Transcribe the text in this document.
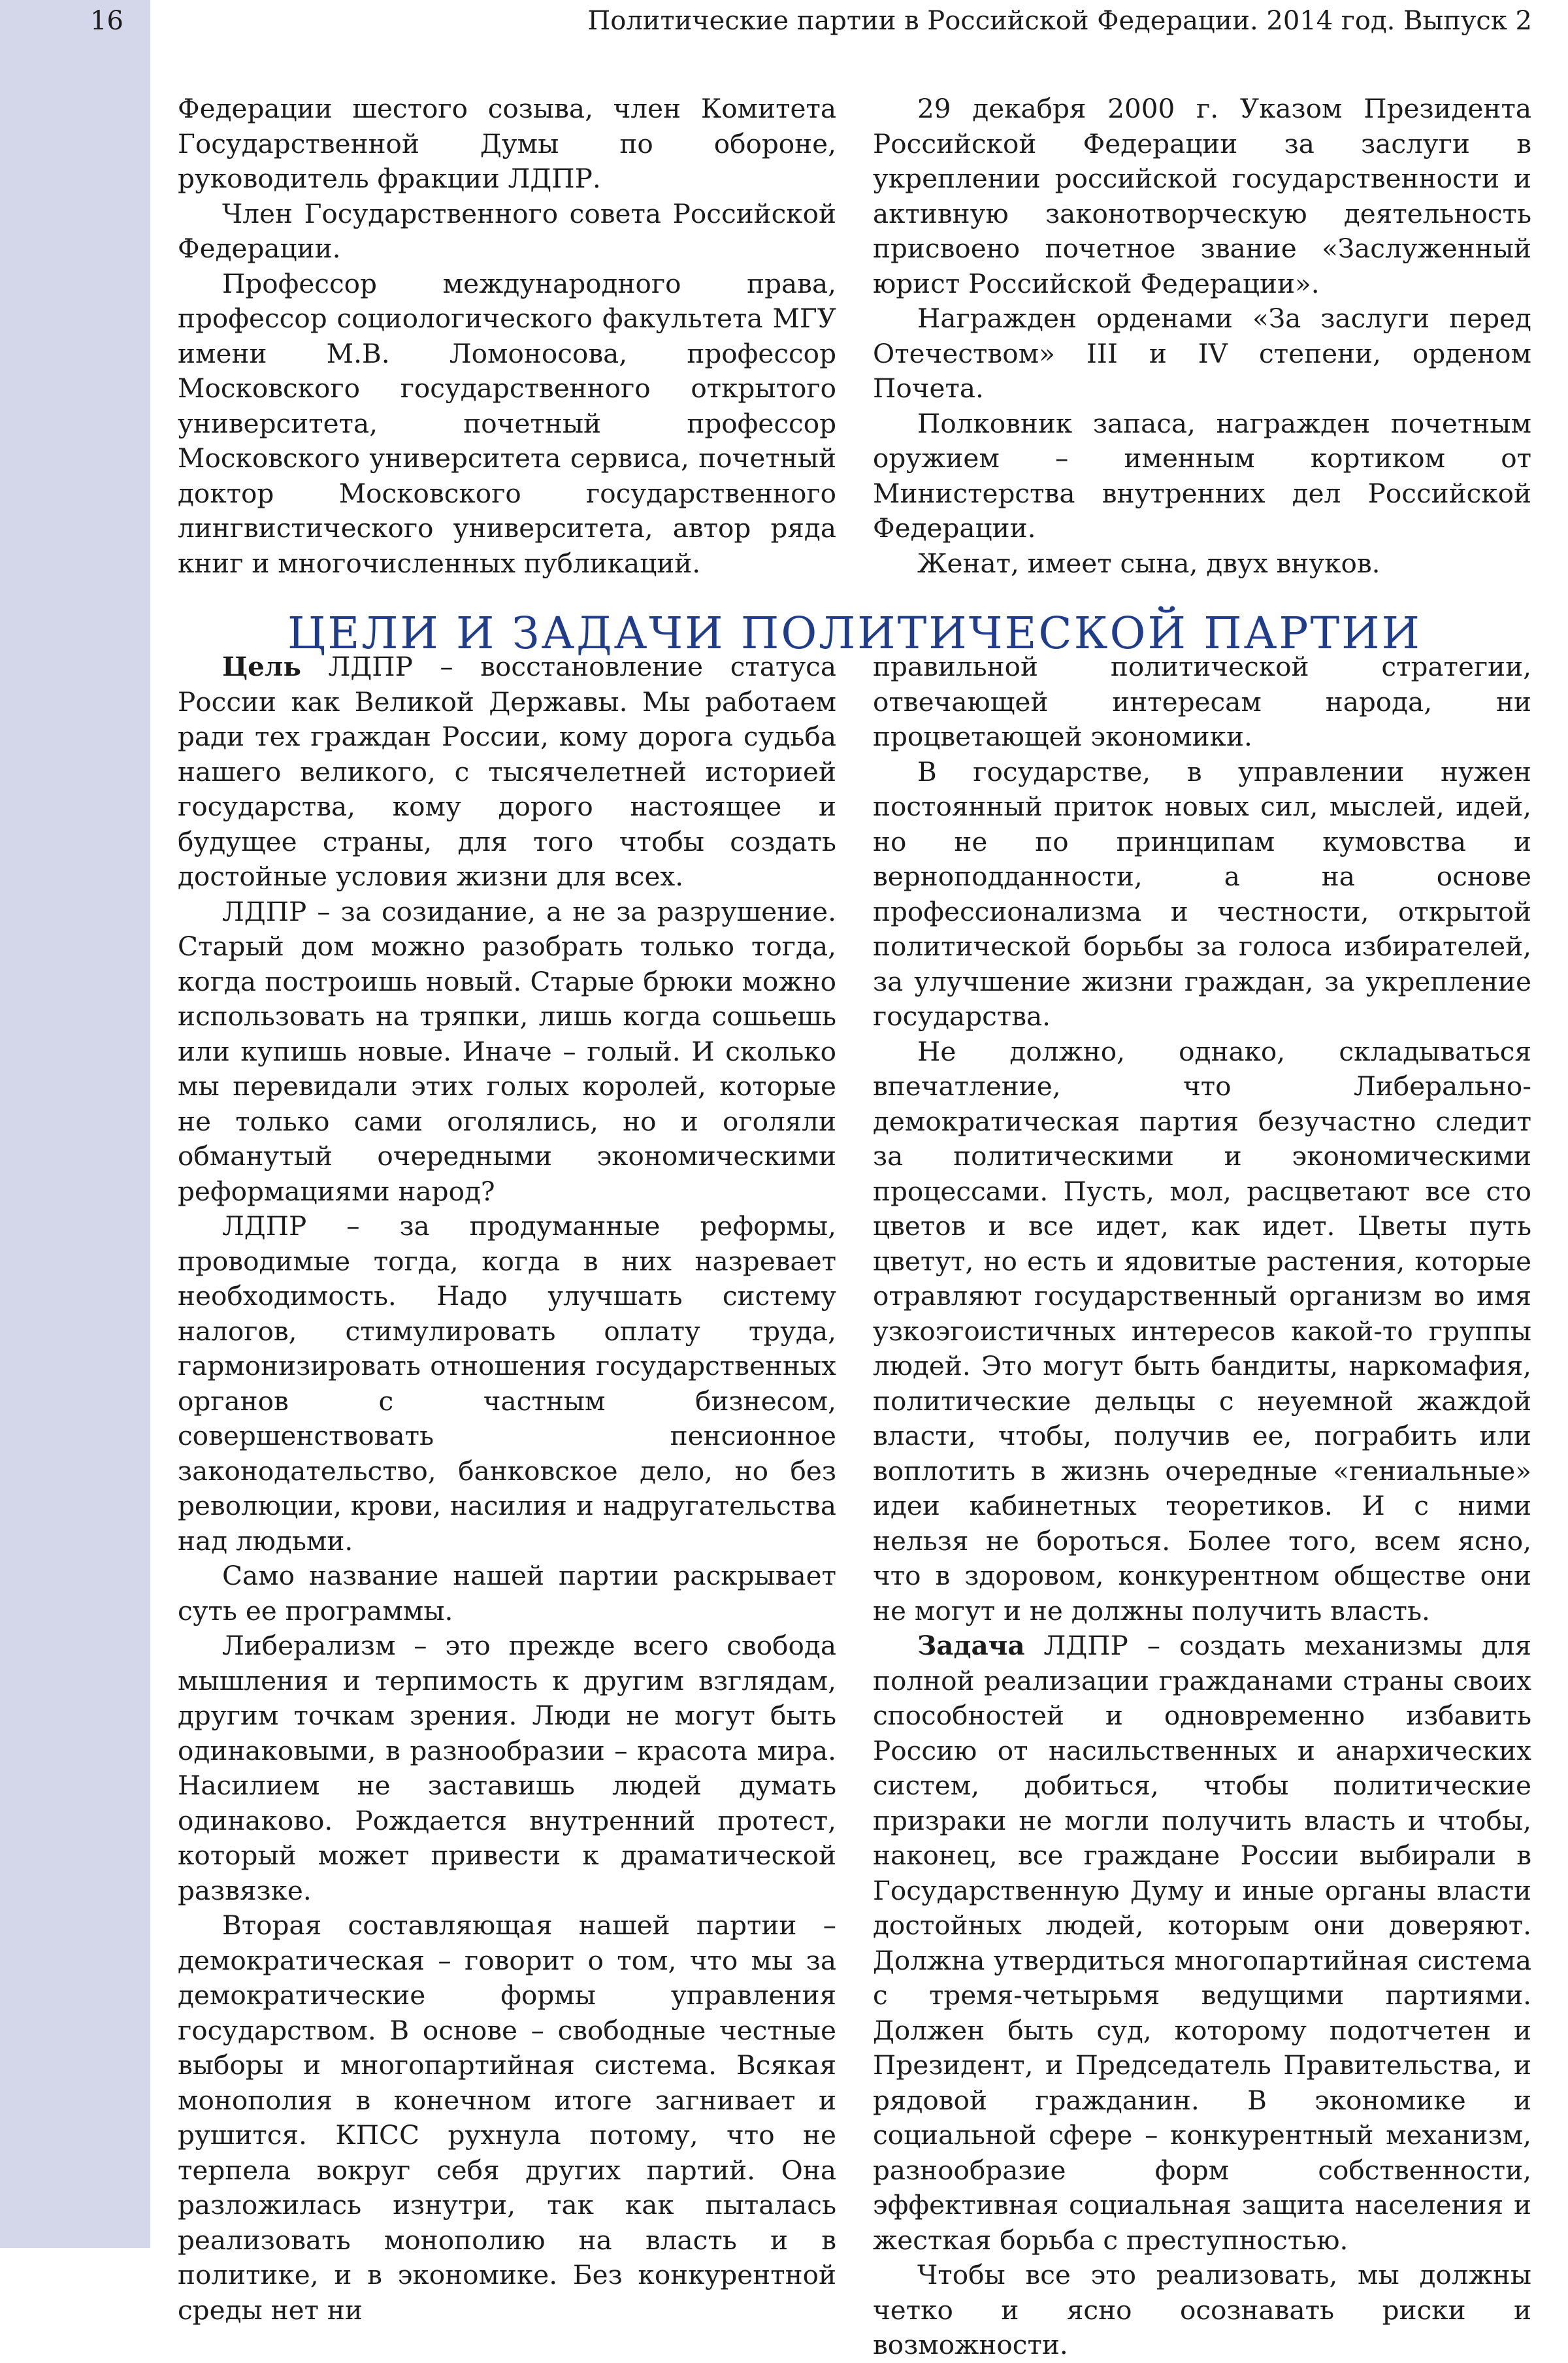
16	Политические партии в Российской Федерации. 2014 год. Выпуск 2

Федерации шестого созыва, член Комитета Государственной Думы по обороне, руководитель фракции ЛДПР.

Член Государственного совета Российской Федерации.

Профессор международного права, профессор социологического факультета МГУ имени М.В. Ломоносова, профессор Московского государственного открытого университета, почетный профессор Московского университета сервиса, почетный доктор Московского государственного лингвистического университета, автор ряда книг и многочисленных публикаций.

29 декабря 2000 г. Указом Президента Российской Федерации за заслуги в укреплении российской государственности и активную законотворческую деятельность присвоено почетное звание «Заслуженный юрист Российской Федерации».

Награжден орденами «За заслуги перед Отечеством» III и IV степени, орденом Почета.

Полковник запаса, награжден почетным оружием – именным кортиком от Министерства внутренних дел Российской Федерации.

Женат, имеет сына, двух внуков.

ЦЕЛИ И ЗАДАЧИ ПОЛИТИЧЕСКОЙ ПАРТИИ

Цель ЛДПР – восстановление статуса России как Великой Державы. Мы работаем ради тех граждан России, кому дорога судьба нашего великого, с тысячелетней историей государства, кому дорого настоящее и будущее страны, для того чтобы создать достойные условия жизни для всех.

ЛДПР – за созидание, а не за разрушение. Старый дом можно разобрать только тогда, когда построишь новый. Старые брюки можно использовать на тряпки, лишь когда сошьешь или купишь новые. Иначе – голый. И сколько мы перевидали этих голых королей, которые не только сами оголялись, но и оголяли обманутый очередными экономическими реформациями народ?

ЛДПР – за продуманные реформы, проводимые тогда, когда в них назревает необходимость. Надо улучшать систему налогов, стимулировать оплату труда, гармонизировать отношения государственных органов с частным бизнесом, совершенствовать пенсионное законодательство, банковское дело, но без революции, крови, насилия и надругательства над людьми.

Само название нашей партии раскрывает суть ее программы.

Либерализм – это прежде всего свобода мышления и терпимость к другим взглядам, другим точкам зрения. Люди не могут быть одинаковыми, в разнообразии – красота мира. Насилием не заставишь людей думать одинаково. Рождается внутренний протест, который может привести к драматической развязке.

Вторая составляющая нашей партии – демократическая – говорит о том, что мы за демократические формы управления государством. В основе – свободные честные выборы и многопартийная система. Всякая монополия в конечном итоге загнивает и рушится. КПСС рухнула потому, что не терпела вокруг себя других партий. Она разложилась изнутри, так как пыталась реализовать монополию на власть и в политике, и в экономике. Без конкурентной среды нет ни

правильной политической стратегии, отвечающей интересам народа, ни процветающей экономики.

В государстве, в управлении нужен постоянный приток новых сил, мыслей, идей, но не по принципам кумовства и верноподданности, а на основе профессионализма и честности, открытой политической борьбы за голоса избирателей, за улучшение жизни граждан, за укрепление государства.

Не должно, однако, складываться впечатление, что Либерально-демократическая партия безучастно следит за политическими и экономическими процессами. Пусть, мол, расцветают все сто цветов и все идет, как идет. Цветы путь цветут, но есть и ядовитые растения, которые отравляют государственный организм во имя узкоэгоистичных интересов какой-то группы людей. Это могут быть бандиты, наркомафия, политические дельцы с неуемной жаждой власти, чтобы, получив ее, пограбить или воплотить в жизнь очередные «гениальные» идеи кабинетных теоретиков. И с ними нельзя не бороться. Более того, всем ясно, что в здоровом, конкурентном обществе они не могут и не должны получить власть.

Задача ЛДПР – создать механизмы для полной реализации гражданами страны своих способностей и одновременно избавить Россию от насильственных и анархических систем, добиться, чтобы политические призраки не могли получить власть и чтобы, наконец, все граждане России выбирали в Государственную Думу и иные органы власти достойных людей, которым они доверяют. Должна утвердиться многопартийная система с тремя-четырьмя ведущими партиями. Должен быть суд, которому подотчетен и Президент, и Председатель Правительства, и рядовой гражданин. В экономике и социальной сфере – конкурентный механизм, разнообразие форм собственности, эффективная социальная защита населения и жесткая борьба с преступностью.

Чтобы все это реализовать, мы должны четко и ясно осознавать риски и возможности.
